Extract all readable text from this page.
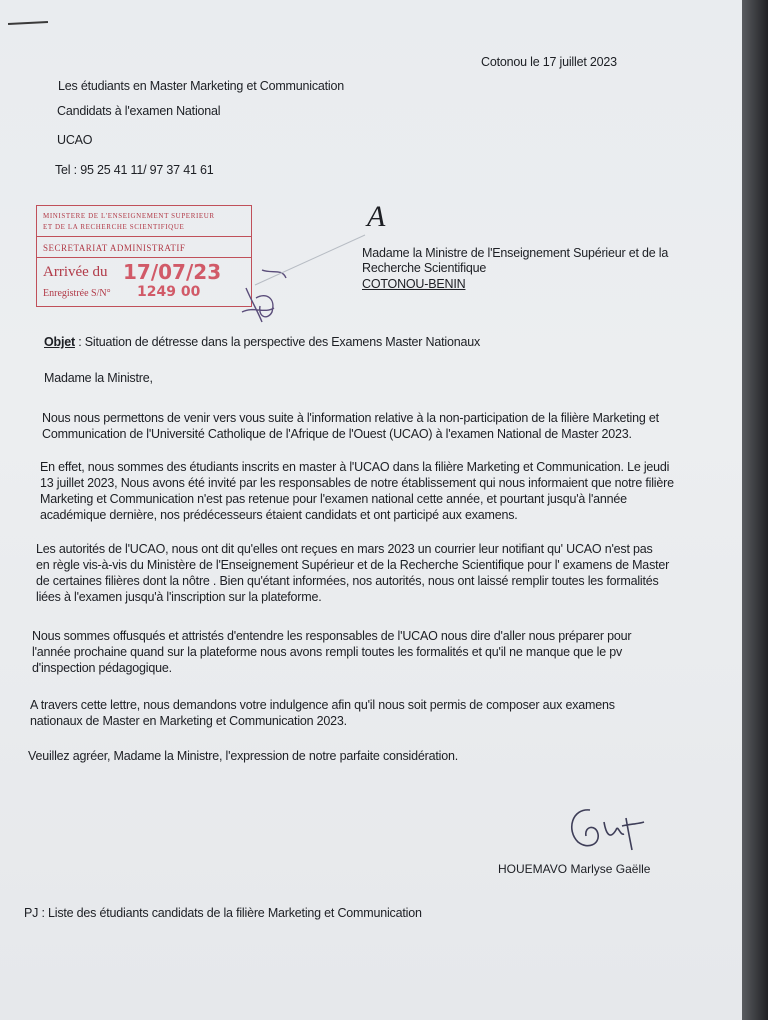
Cotonou le 17 juillet 2023
Les étudiants en Master Marketing et Communication
Candidats à l'examen National
UCAO
Tel : 95 25 41 11/ 97 37 41 61
MINISTERE DE L'ENSEIGNEMENT SUPERIEUR
ET DE LA RECHERCHE SCIENTIFIQUE
SECRETARIAT ADMINISTRATIF
Arrivée du 17/07/23
Enregistrée S/N° 1249 00
A
Madame la Ministre de l'Enseignement Supérieur et de la
Recherche Scientifique
COTONOU-BENIN
Objet : Situation de détresse dans la perspective des Examens Master Nationaux
Madame la Ministre,
Nous nous permettons de venir vers vous suite à l'information relative à la non-participation de la filière Marketing et
Communication de l'Université Catholique de l'Afrique de l'Ouest (UCAO) à l'examen National de Master 2023.
En effet, nous sommes des étudiants inscrits en master à l'UCAO dans la filière Marketing et Communication. Le jeudi
13 juillet 2023, Nous avons été invité par les responsables de notre établissement qui nous informaient que notre filière
Marketing et Communication n'est pas retenue pour l'examen national cette année, et pourtant jusqu'à l'année
académique dernière, nos prédécesseurs étaient candidats et ont participé aux examens.
Les autorités de l'UCAO, nous ont dit qu'elles ont reçues en mars 2023 un courrier leur notifiant qu' UCAO n'est pas
en règle vis-à-vis du Ministère de l'Enseignement Supérieur et de la Recherche Scientifique pour l' examens de Master
de certaines filières dont la nôtre . Bien qu'étant informées, nos autorités, nous ont laissé remplir toutes les formalités
liées à l'examen jusqu'à l'inscription sur la plateforme.
Nous sommes offusqués et attristés d'entendre les responsables de l'UCAO nous dire d'aller nous préparer pour
l'année prochaine quand sur la plateforme nous avons rempli toutes les formalités et qu'il ne manque que le pv
d'inspection pédagogique.
A travers cette lettre, nous demandons votre indulgence afin qu'il nous soit permis de composer aux examens
nationaux de Master en Marketing et Communication 2023.
Veuillez agréer, Madame la Ministre, l'expression de notre parfaite considération.
HOUEMAVO Marlyse Gaëlle
PJ : Liste des étudiants candidats de la filière Marketing et Communication
